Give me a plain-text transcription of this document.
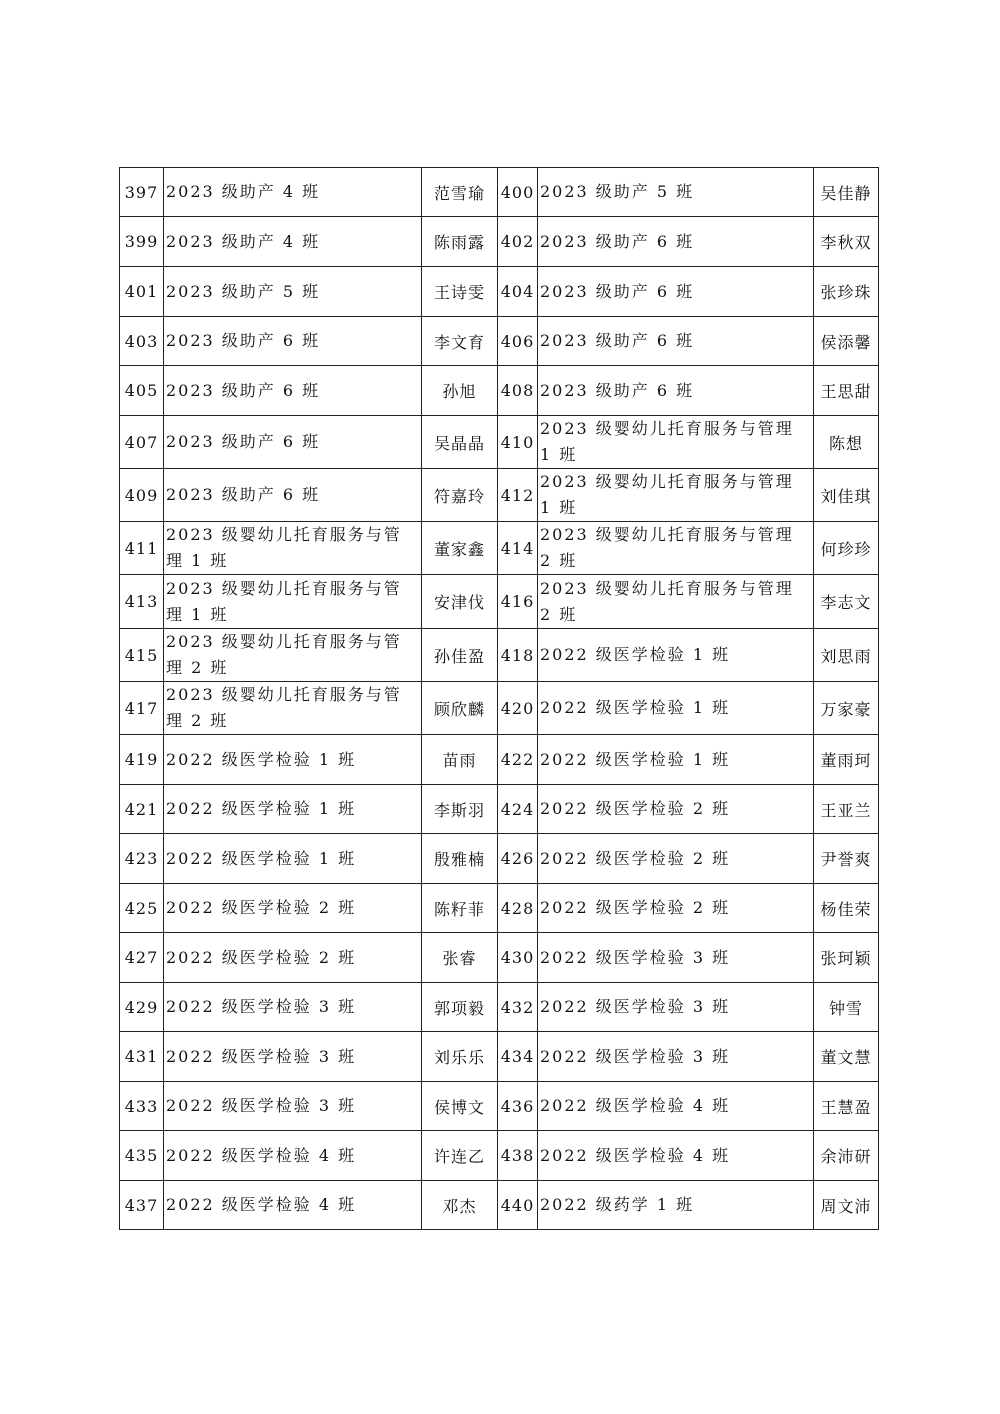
397	2023 级助产 4 班	范雪瑜	400	2023 级助产 5 班	吴佳静
399	2023 级助产 4 班	陈雨露	402	2023 级助产 6 班	李秋双
401	2023 级助产 5 班	王诗雯	404	2023 级助产 6 班	张珍珠
403	2023 级助产 6 班	李文育	406	2023 级助产 6 班	侯添馨
405	2023 级助产 6 班	孙旭	408	2023 级助产 6 班	王思甜
407	2023 级助产 6 班	吴晶晶	410	2023 级婴幼儿托育服务与管理 1 班	陈想
409	2023 级助产 6 班	符嘉玲	412	2023 级婴幼儿托育服务与管理 1 班	刘佳琪
411	2023 级婴幼儿托育服务与管理 1 班	董家鑫	414	2023 级婴幼儿托育服务与管理 2 班	何珍珍
413	2023 级婴幼儿托育服务与管理 1 班	安津伐	416	2023 级婴幼儿托育服务与管理 2 班	李志文
415	2023 级婴幼儿托育服务与管理 2 班	孙佳盈	418	2022 级医学检验 1 班	刘思雨
417	2023 级婴幼儿托育服务与管理 2 班	顾欣麟	420	2022 级医学检验 1 班	万家豪
419	2022 级医学检验 1 班	苗雨	422	2022 级医学检验 1 班	董雨珂
421	2022 级医学检验 1 班	李斯羽	424	2022 级医学检验 2 班	王亚兰
423	2022 级医学检验 1 班	殷雅楠	426	2022 级医学检验 2 班	尹誉爽
425	2022 级医学检验 2 班	陈籽菲	428	2022 级医学检验 2 班	杨佳荣
427	2022 级医学检验 2 班	张睿	430	2022 级医学检验 3 班	张珂颖
429	2022 级医学检验 3 班	郭项毅	432	2022 级医学检验 3 班	钟雪
431	2022 级医学检验 3 班	刘乐乐	434	2022 级医学检验 3 班	董文慧
433	2022 级医学检验 3 班	侯博文	436	2022 级医学检验 4 班	王慧盈
435	2022 级医学检验 4 班	许连乙	438	2022 级医学检验 4 班	余沛研
437	2022 级医学检验 4 班	邓杰	440	2022 级药学 1 班	周文沛
